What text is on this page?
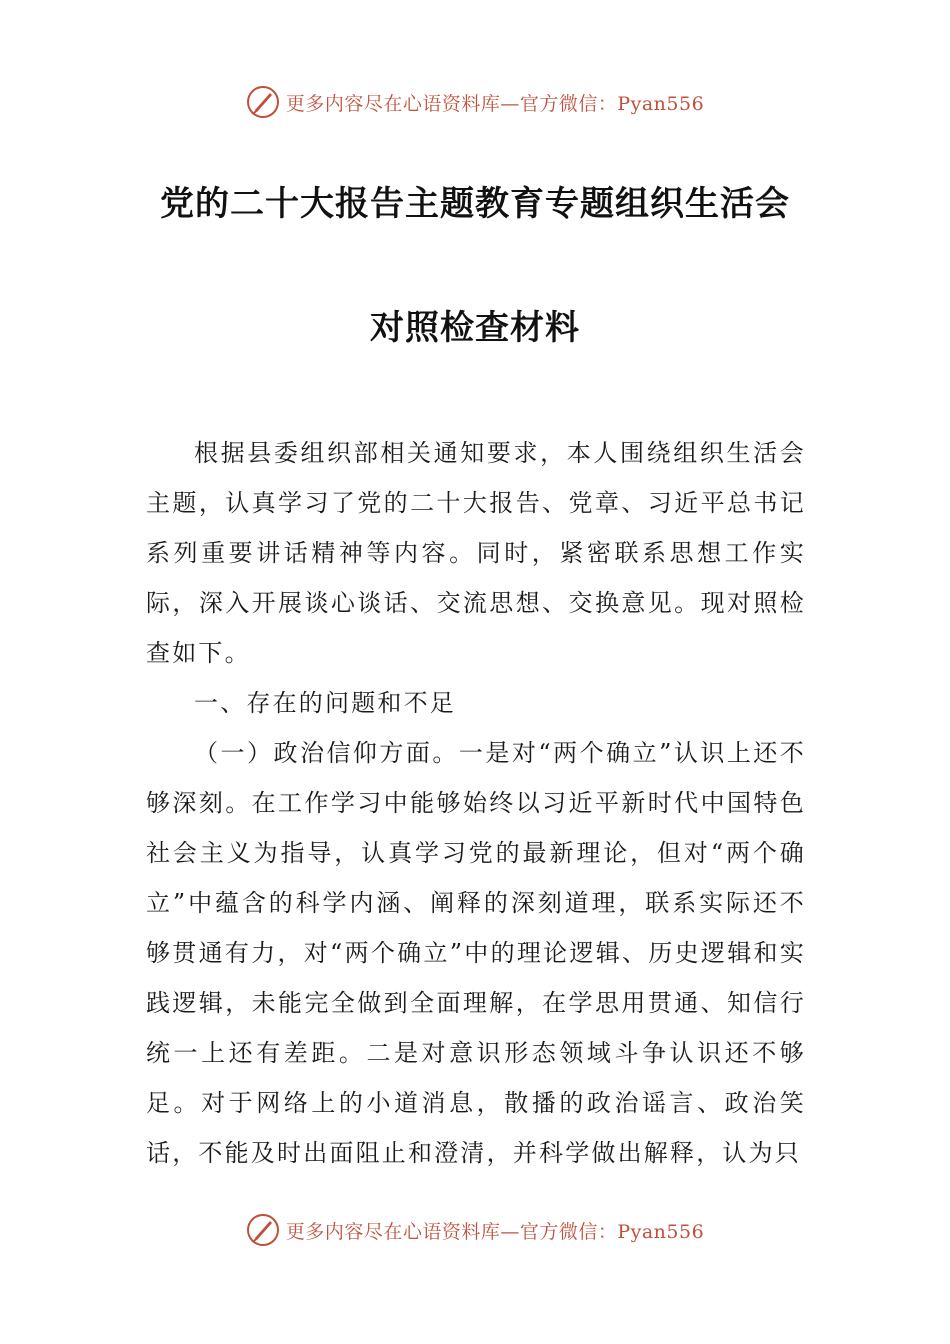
更多内容尽在心语资料库—官方微信：Pyan556
党的二十大报告主题教育专题组织生活会
对照检查材料

根据县委组织部相关通知要求，本人围绕组织生活会主题，认真学习了党的二十大报告、党章、习近平总书记系列重要讲话精神等内容。同时，紧密联系思想工作实际，深入开展谈心谈话、交流思想、交换意见。现对照检查如下。

一、存在的问题和不足

（一）政治信仰方面。一是对“两个确立”认识上还不够深刻。在工作学习中能够始终以习近平新时代中国特色社会主义为指导，认真学习党的最新理论，但对“两个确立”中蕴含的科学内涵、阐释的深刻道理，联系实际还不够贯通有力，对“两个确立”中的理论逻辑、历史逻辑和实践逻辑，未能完全做到全面理解，在学思用贯通、知信行统一上还有差距。二是对意识形态领域斗争认识还不够足。对于网络上的小道消息，散播的政治谣言、政治笑话，不能及时出面阻止和澄清，并科学做出解释，认为只

更多内容尽在心语资料库—官方微信：Pyan556
